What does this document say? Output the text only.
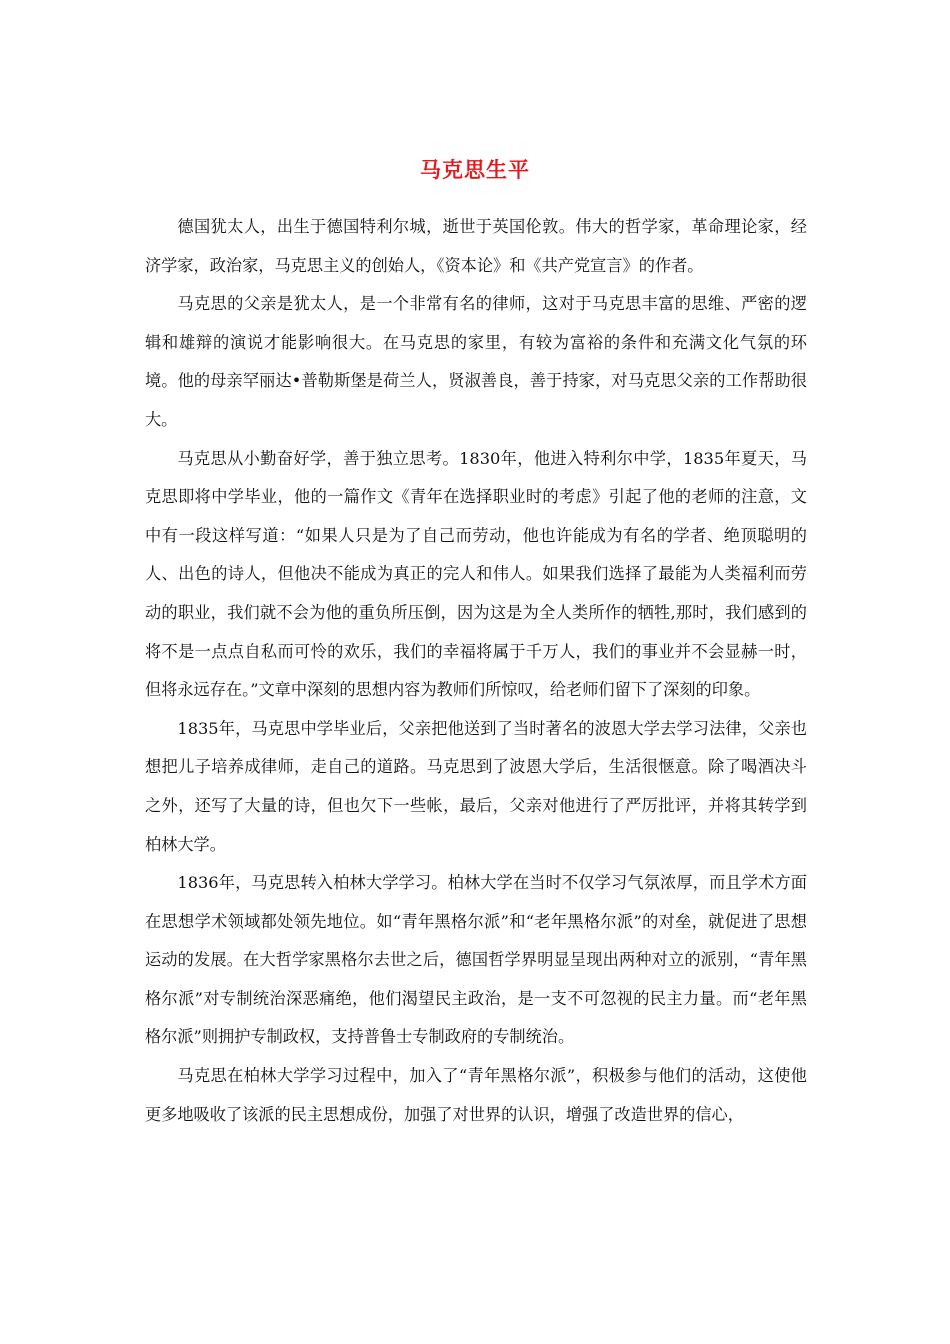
马克思生平

德国犹太人，出生于德国特利尔城，逝世于英国伦敦。伟大的哲学家，革命理论家，经济学家，政治家，马克思主义的创始人，《资本论》和《共产党宣言》的作者。

马克思的父亲是犹太人，是一个非常有名的律师，这对于马克思丰富的思维、严密的逻辑和雄辩的演说才能影响很大。在马克思的家里，有较为富裕的条件和充满文化气氛的环境。他的母亲罕丽达•普勒斯堡是荷兰人，贤淑善良，善于持家，对马克思父亲的工作帮助很大。

马克思从小勤奋好学，善于独立思考。1830年，他进入特利尔中学，1835年夏天，马克思即将中学毕业，他的一篇作文《青年在选择职业时的考虑》引起了他的老师的注意，文中有一段这样写道：“如果人只是为了自己而劳动，他也许能成为有名的学者、绝顶聪明的人、出色的诗人，但他决不能成为真正的完人和伟人。如果我们选择了最能为人类福利而劳动的职业，我们就不会为他的重负所压倒，因为这是为全人类所作的牺牲,那时，我们感到的将不是一点点自私而可怜的欢乐，我们的幸福将属于千万人，我们的事业并不会显赫一时，但将永远存在。”文章中深刻的思想内容为教师们所惊叹，给老师们留下了深刻的印象。

1835年，马克思中学毕业后，父亲把他送到了当时著名的波恩大学去学习法律，父亲也想把儿子培养成律师，走自己的道路。马克思到了波恩大学后，生活很惬意。除了喝酒决斗之外，还写了大量的诗，但也欠下一些帐，最后，父亲对他进行了严厉批评，并将其转学到柏林大学。

1836年，马克思转入柏林大学学习。柏林大学在当时不仅学习气氛浓厚，而且学术方面在思想学术领域都处领先地位。如“青年黑格尔派”和“老年黑格尔派”的对垒，就促进了思想运动的发展。在大哲学家黑格尔去世之后，德国哲学界明显呈现出两种对立的派别，“青年黑格尔派”对专制统治深恶痛绝，他们渴望民主政治，是一支不可忽视的民主力量。而“老年黑格尔派”则拥护专制政权，支持普鲁士专制政府的专制统治。

马克思在柏林大学学习过程中，加入了“青年黑格尔派”，积极参与他们的活动，这使他更多地吸收了该派的民主思想成份，加强了对世界的认识，增强了改造世界的信心，
